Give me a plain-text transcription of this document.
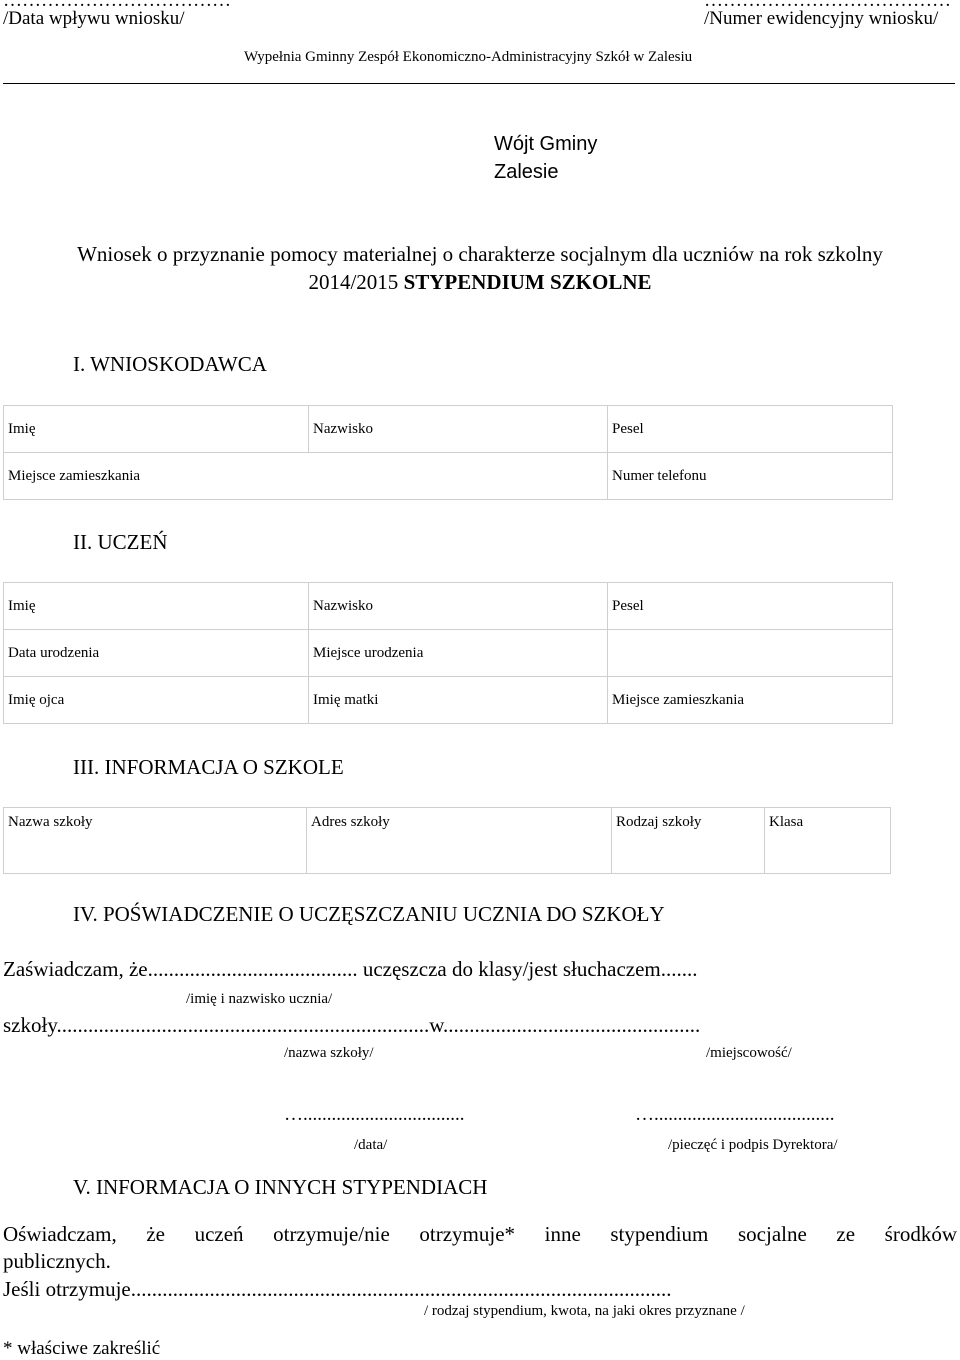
………………………………	…………………………………
/Data wpływu wniosku/	/Numer ewidencyjny wniosku/
Wypełnia Gminny Zespół Ekonomiczno-Administracyjny Szkół w Zalesiu
Wójt Gminy
Zalesie
Wniosek o przyznanie pomocy materialnej o charakterze socjalnym dla uczniów na rok szkolny
2014/2015 STYPENDIUM SZKOLNE
I. WNIOSKODAWCA
Imię	Nazwisko	Pesel
Miejsce zamieszkania		Numer telefonu
II. UCZEŃ
Imię	Nazwisko	Pesel
Data urodzenia	Miejsce urodzenia	
Imię ojca	Imię matki	Miejsce zamieszkania
III. INFORMACJA O SZKOLE
Nazwa szkoły	Adres szkoły	Rodzaj szkoły	Klasa
IV. POŚWIADCZENIE O UCZĘSZCZANIU UCZNIA DO SZKOŁY
Zaświadczam, że........................................ uczęszcza do klasy/jest słuchaczem.......
/imię i nazwisko ucznia/
szkoły.......................................................................w.................................................
/nazwa szkoły/	/miejscowość/
…..................................	…......................................
/data/	/pieczęć i podpis Dyrektora/
V. INFORMACJA O INNYCH STYPENDIACH
Oświadczam, że uczeń otrzymuje/nie otrzymuje* inne stypendium socjalne ze środków
publicznych.
Jeśli otrzymuje.......................................................................................................
/ rodzaj stypendium, kwota, na jaki okres przyznane /
* właściwe zakreślić
